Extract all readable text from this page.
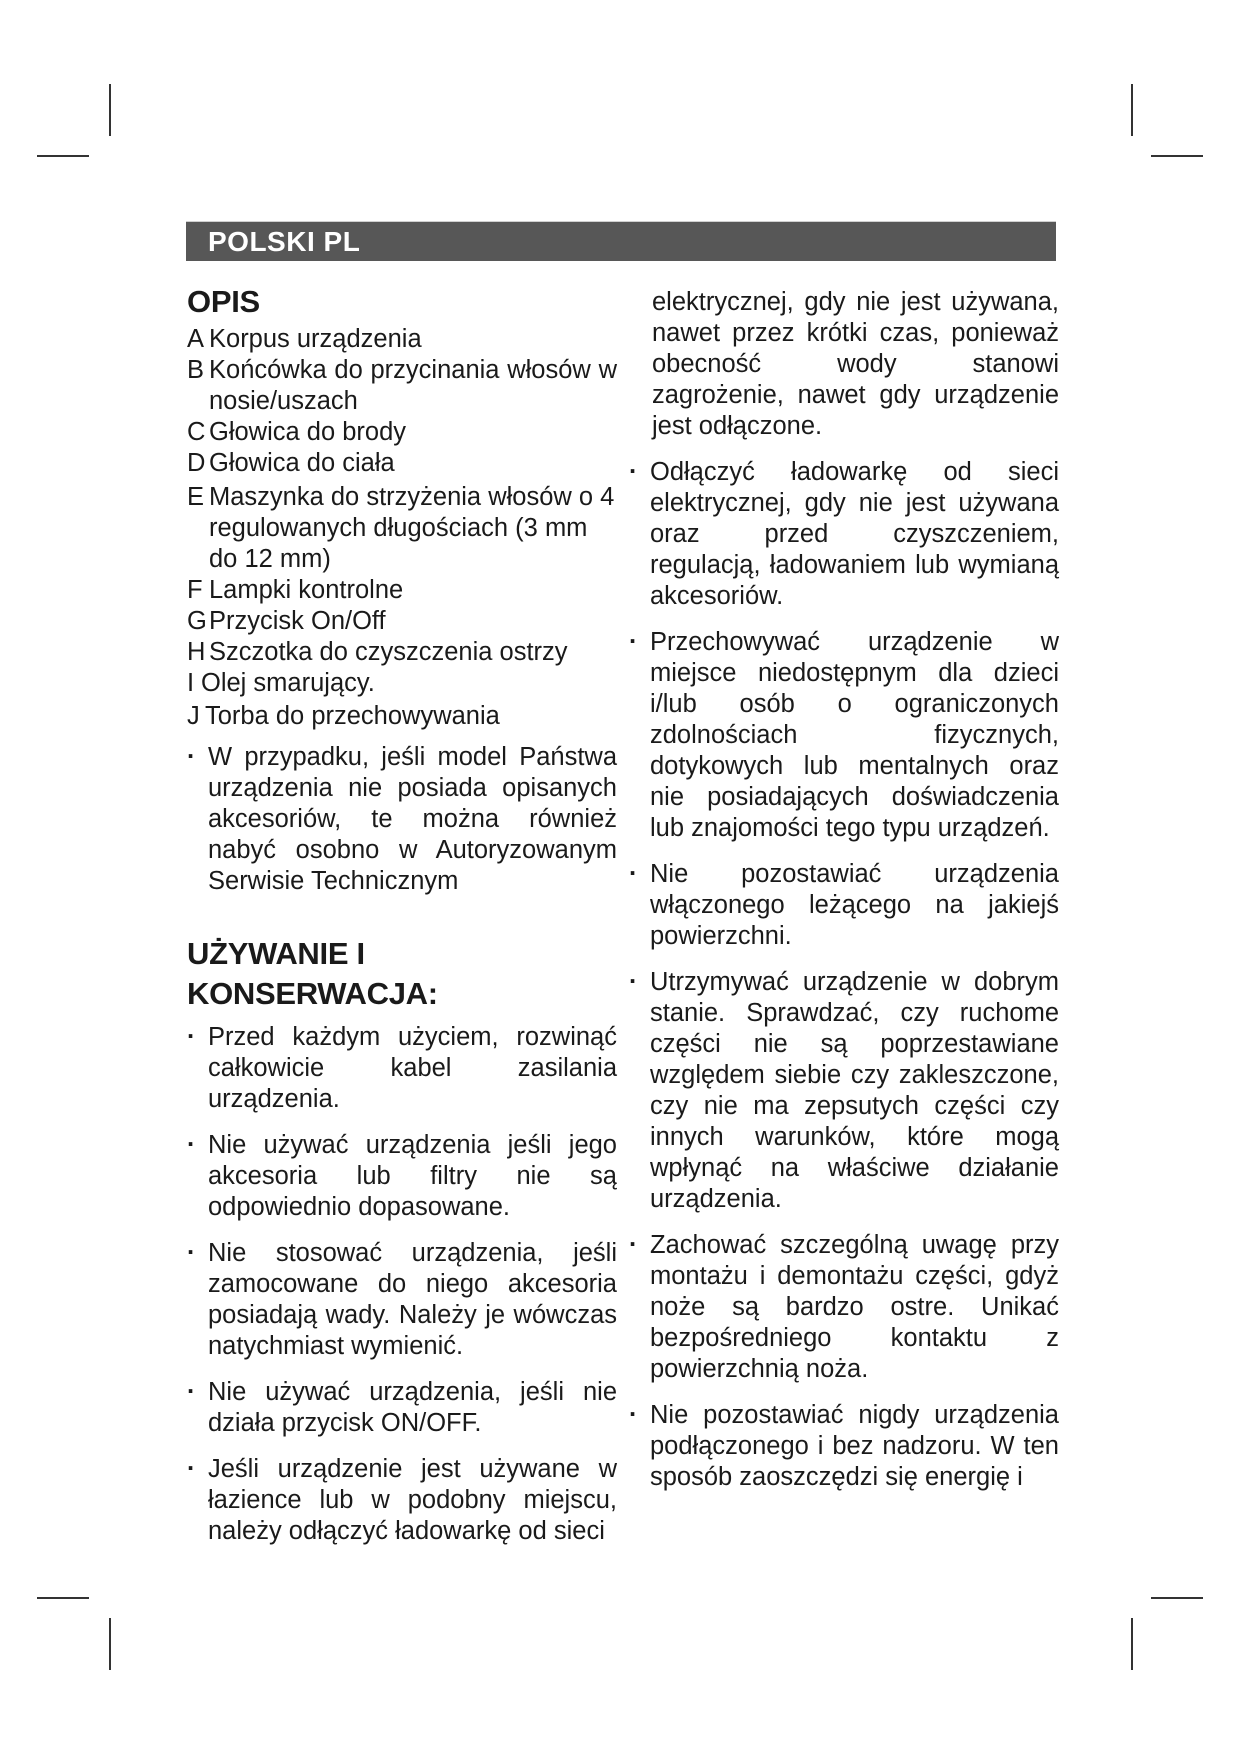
POLSKI PL
OPIS
A Korpus urządzenia
B Końcówka do przycinania włosów w nosie/uszach
C Głowica do brody
D Głowica do ciała
E Maszynka do strzyżenia włosów o 4 regulowanych długościach (3 mm do 12 mm)
F Lampki kontrolne
G Przycisk On/Off
H Szczotka do czyszczenia ostrzy
I Olej smarujący.
J Torba do przechowywania
· W przypadku, jeśli model Państwa urządzenia nie posiada opisanych akcesoriów, te można również nabyć osobno w Autoryzowanym Serwisie Technicznym
UŻYWANIE I KONSERWACJA:
· Przed każdym użyciem, rozwinąć całkowicie kabel zasilania urządzenia.
· Nie używać urządzenia jeśli jego akcesoria lub filtry nie są odpowiednio dopasowane.
· Nie stosować urządzenia, jeśli zamocowane do niego akcesoria posiadają wady. Należy je wówczas natychmiast wymienić.
· Nie używać urządzenia, jeśli nie działa przycisk ON/OFF.
· Jeśli urządzenie jest używane w łazience lub w podobny miejscu, należy odłączyć ładowarkę od sieci
elektrycznej, gdy nie jest używana, nawet przez krótki czas, ponieważ obecność wody stanowi zagrożenie, nawet gdy urządzenie jest odłączone.
· Odłączyć ładowarkę od sieci elektrycznej, gdy nie jest używana oraz przed czyszczeniem, regulacją, ładowaniem lub wymianą akcesoriów.
· Przechowywać urządzenie w miejsce niedostępnym dla dzieci i/lub osób o ograniczonych zdolnościach fizycznych, dotykowych lub mentalnych oraz nie posiadających doświadczenia lub znajomości tego typu urządzeń.
· Nie pozostawiać urządzenia włączonego leżącego na jakiejś powierzchni.
· Utrzymywać urządzenie w dobrym stanie. Sprawdzać, czy ruchome części nie są poprzestawiane względem siebie czy zakleszczone, czy nie ma zepsutych części czy innych warunków, które mogą wpłynąć na właściwe działanie urządzenia.
· Zachować szczególną uwagę przy montażu i demontażu części, gdyż noże są bardzo ostre. Unikać bezpośredniego kontaktu z powierzchnią noża.
· Nie pozostawiać nigdy urządzenia podłączonego i bez nadzoru. W ten sposób zaoszczędzi się energię i
